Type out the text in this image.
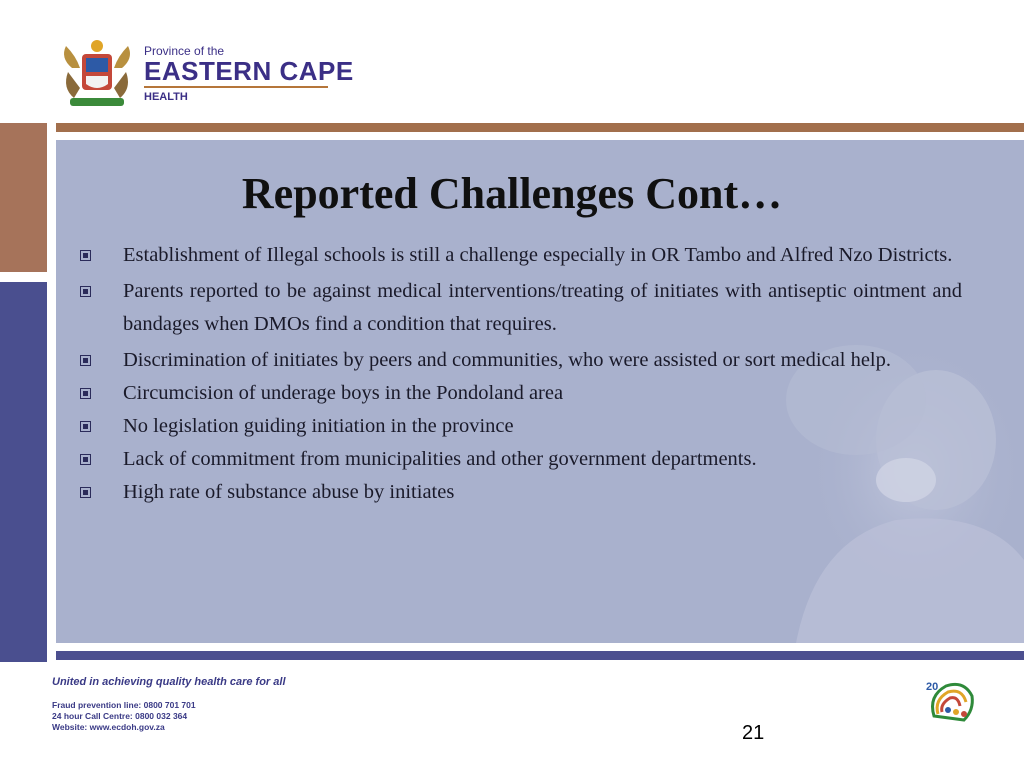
Province of the
EASTERN CAPE
HEALTH
Reported Challenges Cont…
Establishment of Illegal schools is still a challenge especially in OR Tambo and Alfred Nzo Districts.
Parents reported to be against medical interventions/treating of initiates with antiseptic ointment and bandages when DMOs find a condition that requires.
Discrimination of initiates by peers and communities, who were assisted or sort medical help.
Circumcision of underage boys in the Pondoland area
No legislation guiding initiation in the province
Lack of commitment from municipalities and other government departments.
High rate of substance abuse by initiates
United in achieving quality health care for all
Fraud prevention line: 0800 701 701
24 hour Call Centre: 0800 032 364
Website: www.ecdoh.gov.za	21
20
